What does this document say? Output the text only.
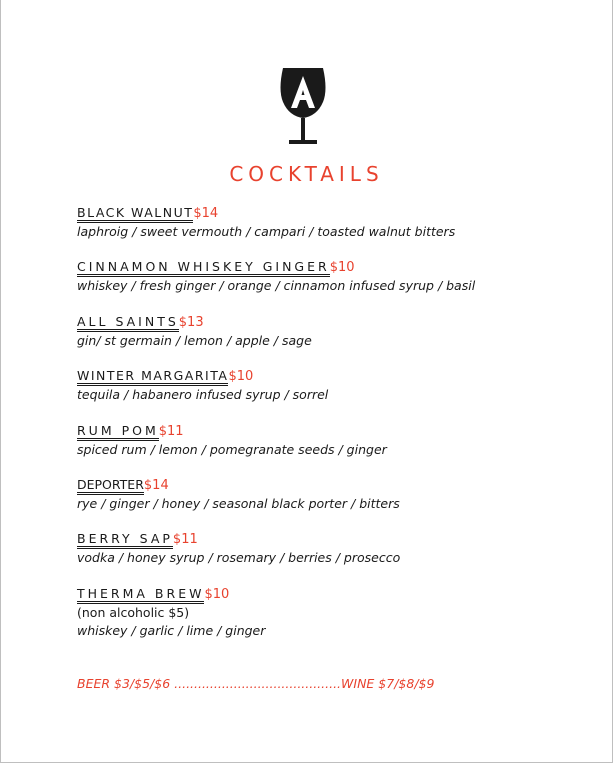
COCKTAILS
BLACK WALNUT$14
laphroig / sweet vermouth / campari / toasted walnut bitters
CINNAMON WHISKEY GINGER$10
whiskey / fresh ginger / orange / cinnamon infused syrup / basil
ALL SAINTS$13
gin/ st germain / lemon / apple / sage
WINTER MARGARITA$10
tequila / habanero infused syrup / sorrel
RUM POM$11
spiced rum / lemon / pomegranate seeds / ginger
DEPORTER$14
rye / ginger / honey / seasonal black porter / bitters
BERRY SAP$11
vodka / honey syrup / rosemary / berries / prosecco
THERMA BREW$10
(non alcoholic $5)
whiskey / garlic / lime / ginger
BEER $3/$5/$6 ..........................................WINE $7/$8/$9
